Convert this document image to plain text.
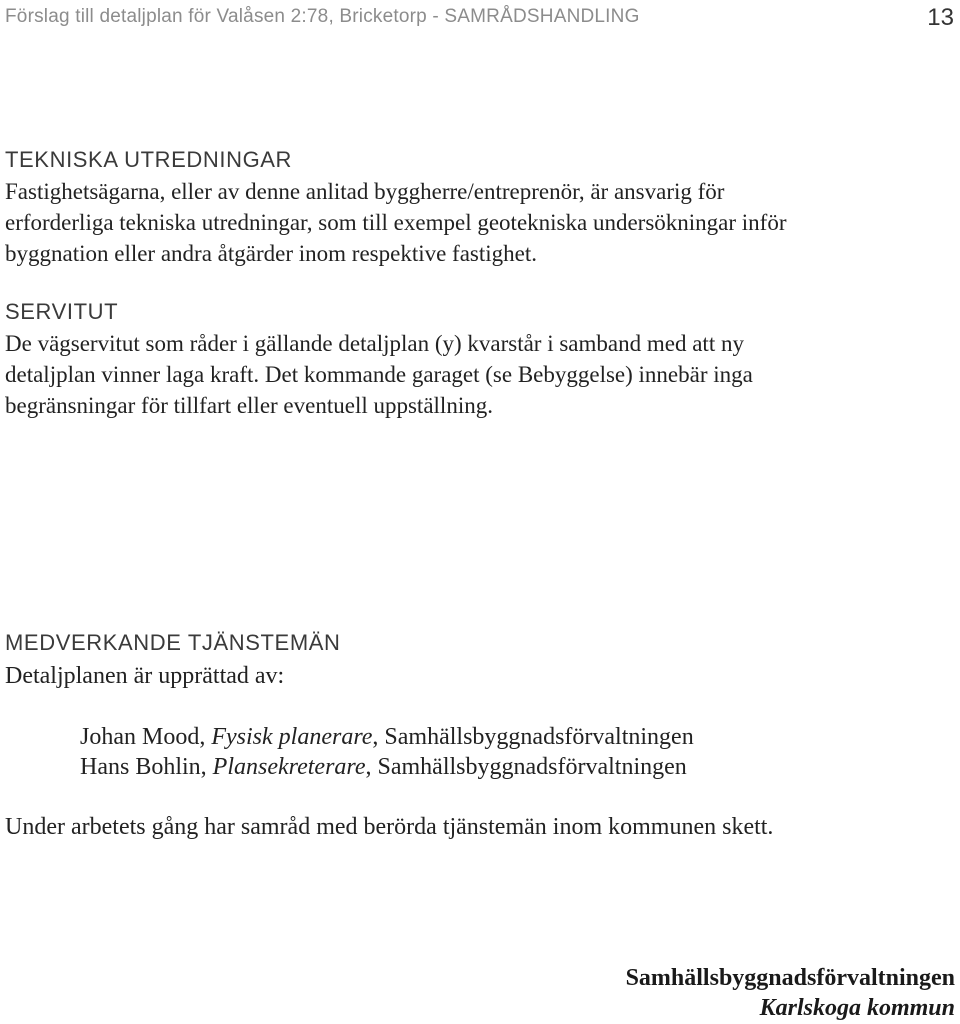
Förslag till detaljplan för Valåsen 2:78, Bricketorp - SAMRÅDSHANDLING	13
TEKNISKA UTREDNINGAR
Fastighetsägarna, eller av denne anlitad byggherre/entreprenör, är ansvarig för
erforderliga tekniska utredningar, som till exempel geotekniska undersökningar inför
byggnation eller andra åtgärder inom respektive fastighet.
SERVITUT
De vägservitut som råder i gällande detaljplan (y) kvarstår i samband med att ny
detaljplan vinner laga kraft. Det kommande garaget (se Bebyggelse) innebär inga
begränsningar för tillfart eller eventuell uppställning.
MEDVERKANDE TJÄNSTEMÄN
Detaljplanen är upprättad av:
Johan Mood, Fysisk planerare, Samhällsbyggnadsförvaltningen
Hans Bohlin, Plansekreterare, Samhällsbyggnadsförvaltningen
Under arbetets gång har samråd med berörda tjänstemän inom kommunen skett.
Samhällsbyggnadsförvaltningen
Karlskoga kommun
